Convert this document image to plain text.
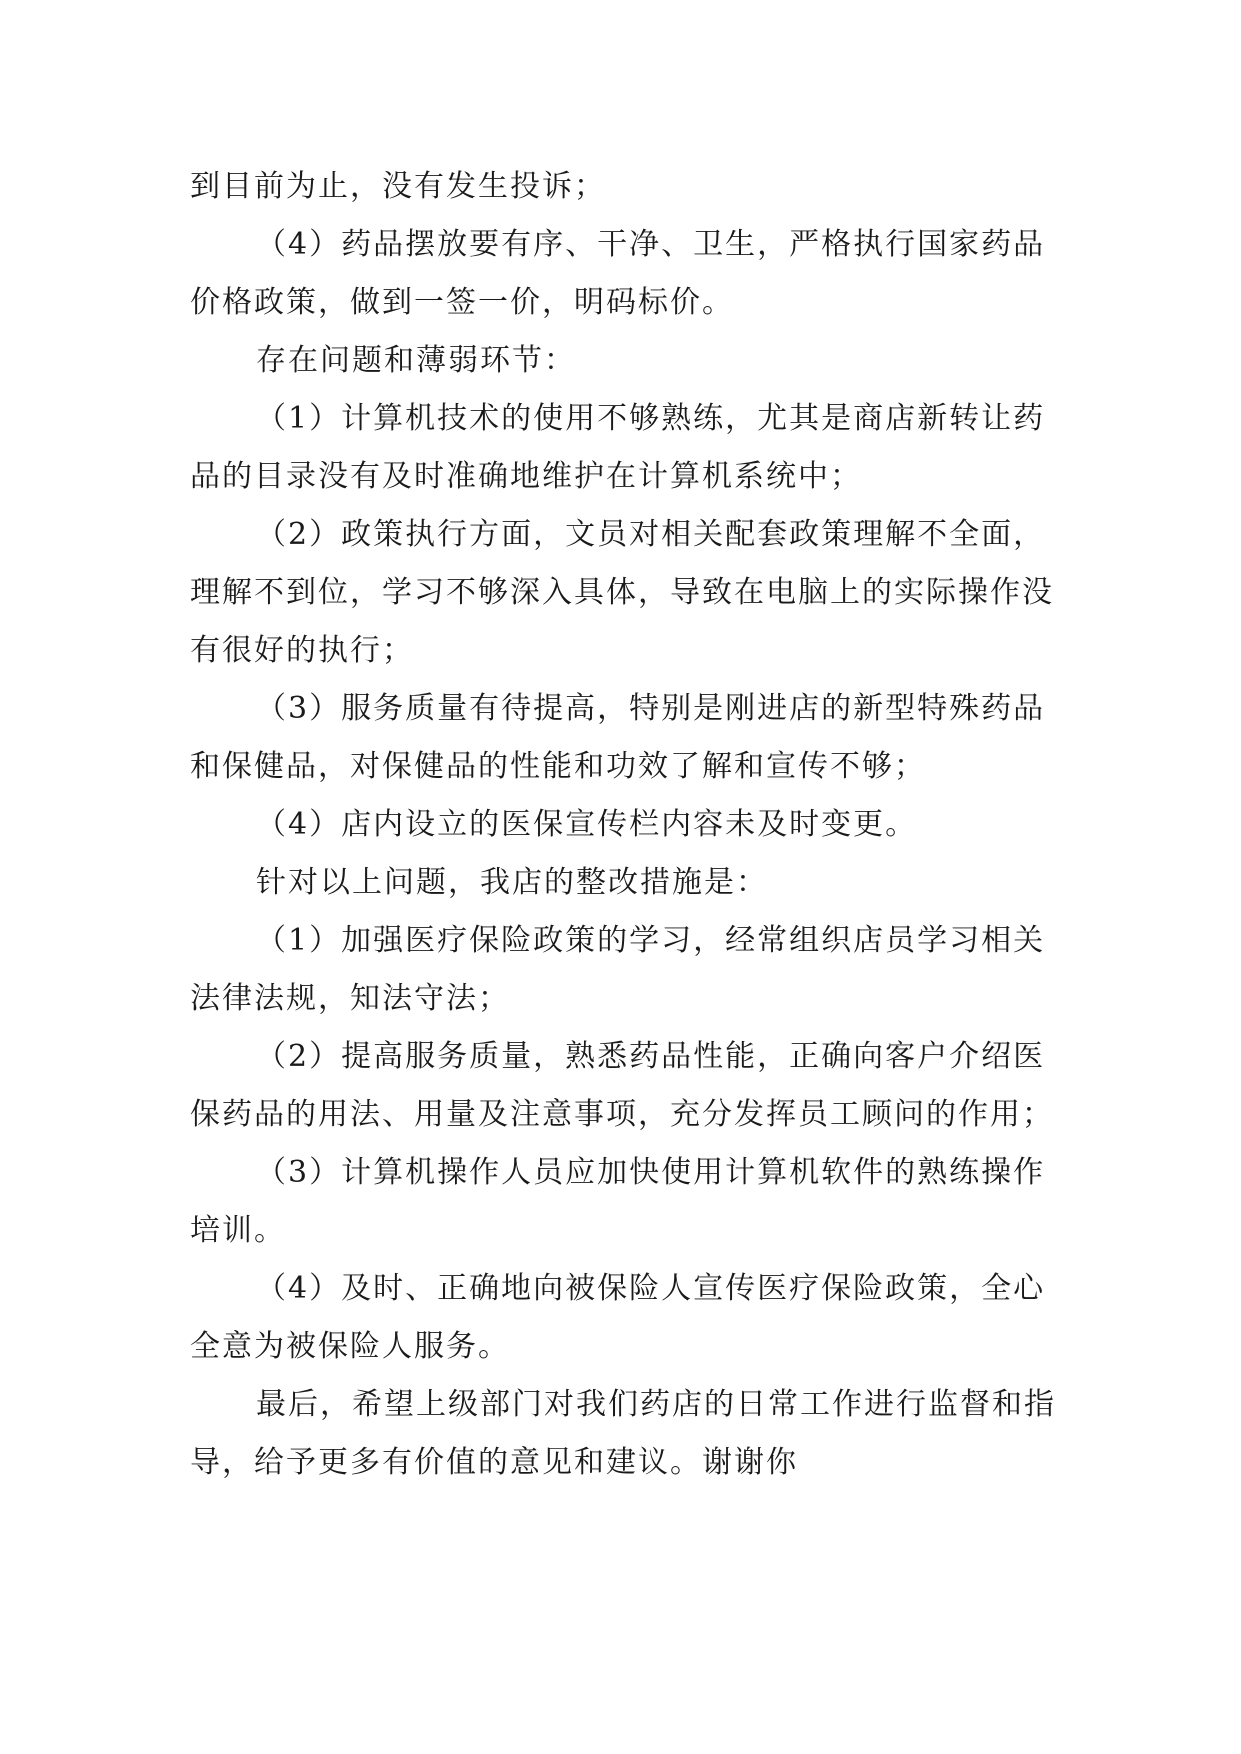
到目前为止，没有发生投诉；

（4）药品摆放要有序、干净、卫生，严格执行国家药品价格政策，做到一签一价，明码标价。

存在问题和薄弱环节：

（1）计算机技术的使用不够熟练，尤其是商店新转让药品的目录没有及时准确地维护在计算机系统中；

（2）政策执行方面，文员对相关配套政策理解不全面，理解不到位，学习不够深入具体，导致在电脑上的实际操作没有很好的执行；

（3）服务质量有待提高，特别是刚进店的新型特殊药品和保健品，对保健品的性能和功效了解和宣传不够；

（4）店内设立的医保宣传栏内容未及时变更。

针对以上问题，我店的整改措施是：

（1）加强医疗保险政策的学习，经常组织店员学习相关法律法规，知法守法；

（2）提高服务质量，熟悉药品性能，正确向客户介绍医保药品的用法、用量及注意事项，充分发挥员工顾问的作用；

（3）计算机操作人员应加快使用计算机软件的熟练操作培训。

（4）及时、正确地向被保险人宣传医疗保险政策，全心全意为被保险人服务。

最后，希望上级部门对我们药店的日常工作进行监督和指导，给予更多有价值的意见和建议。谢谢你
